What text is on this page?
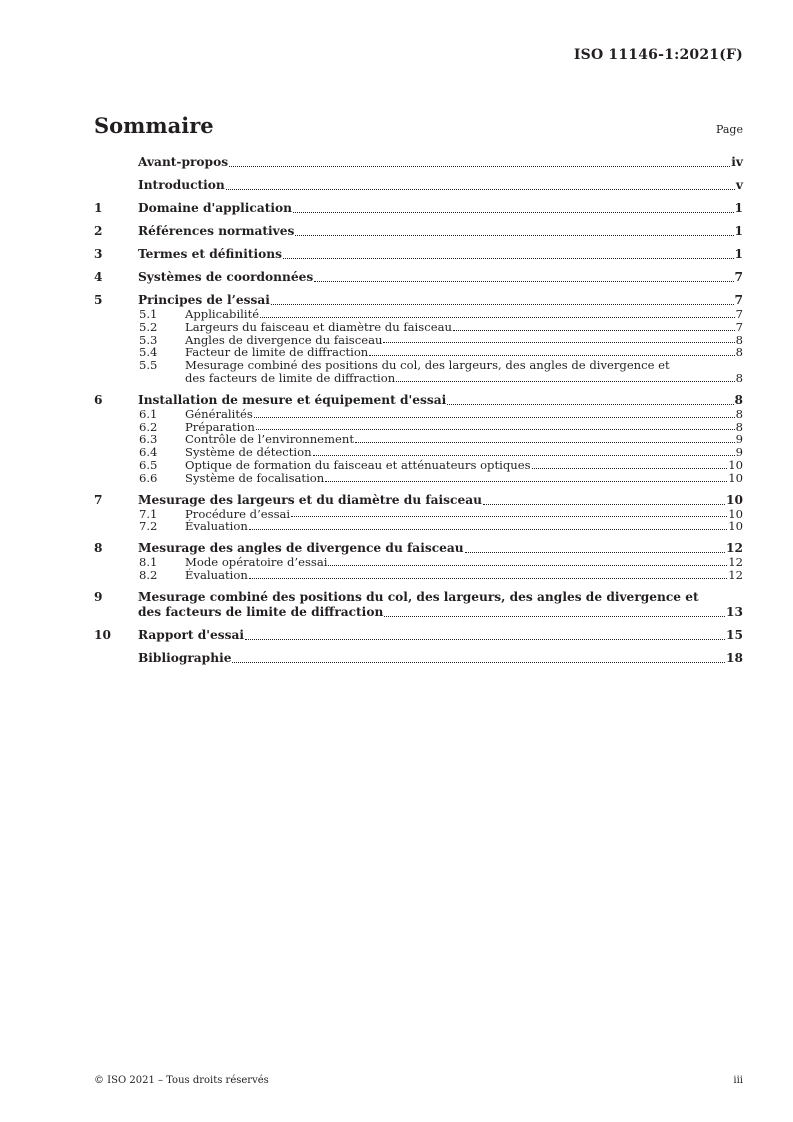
ISO 11146-1:2021(F)
Sommaire	Page
Avant-propos	iv
Introduction	v
1	Domaine d'application	1
2	Références normatives	1
3	Termes et définitions	1
4	Systèmes de coordonnées	7
5	Principes de l’essai	7
5.1	Applicabilité	7
5.2	Largeurs du faisceau et diamètre du faisceau	7
5.3	Angles de divergence du faisceau	8
5.4	Facteur de limite de diffraction	8
5.5	Mesurage combiné des positions du col, des largeurs, des angles de divergence et
des facteurs de limite de diffraction	8
6	Installation de mesure et équipement d'essai	8
6.1	Généralités	8
6.2	Préparation	8
6.3	Contrôle de l’environnement	9
6.4	Système de détection	9
6.5	Optique de formation du faisceau et atténuateurs optiques	10
6.6	Système de focalisation	10
7	Mesurage des largeurs et du diamètre du faisceau	10
7.1	Procédure d’essai	10
7.2	Évaluation	10
8	Mesurage des angles de divergence du faisceau	12
8.1	Mode opératoire d’essai	12
8.2	Évaluation	12
9	Mesurage combiné des positions du col, des largeurs, des angles de divergence et
des facteurs de limite de diffraction	13
10	Rapport d'essai	15
Bibliographie	18
© ISO 2021 – Tous droits réservés	iii
